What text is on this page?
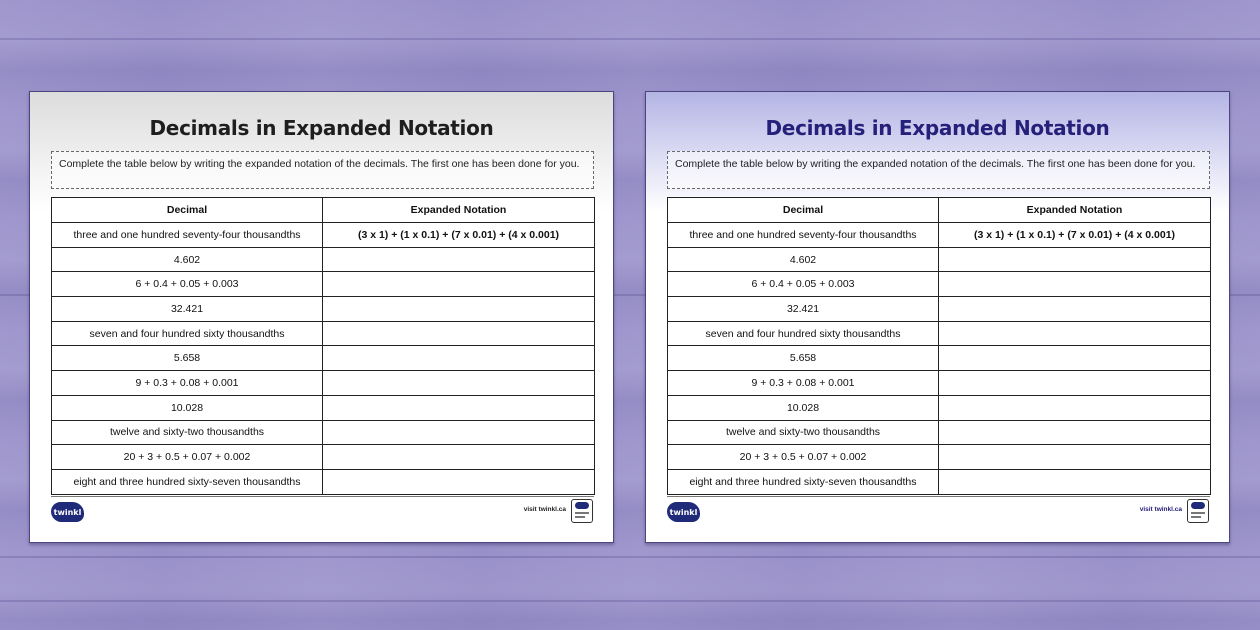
Decimals in Expanded Notation
Complete the table below by writing the expanded notation of the decimals. The first one has been done for you.
Decimal	Expanded Notation
three and one hundred seventy-four thousandths	(3 x 1) + (1 x 0.1) + (7 x 0.01) + (4 x 0.001)
4.602	
6 + 0.4 + 0.05 + 0.003	
32.421	
seven and four hundred sixty thousandths	
5.658	
9 + 0.3 + 0.08 + 0.001	
10.028	
twelve and sixty-two thousandths	
20 + 3 + 0.5 + 0.07 + 0.002	
eight and three hundred sixty-seven thousandths	
twinkl	visit twinkl.ca
Decimals in Expanded Notation
Complete the table below by writing the expanded notation of the decimals. The first one has been done for you.
Decimal	Expanded Notation
three and one hundred seventy-four thousandths	(3 x 1) + (1 x 0.1) + (7 x 0.01) + (4 x 0.001)
4.602	
6 + 0.4 + 0.05 + 0.003	
32.421	
seven and four hundred sixty thousandths	
5.658	
9 + 0.3 + 0.08 + 0.001	
10.028	
twelve and sixty-two thousandths	
20 + 3 + 0.5 + 0.07 + 0.002	
eight and three hundred sixty-seven thousandths	
twinkl	visit twinkl.ca
